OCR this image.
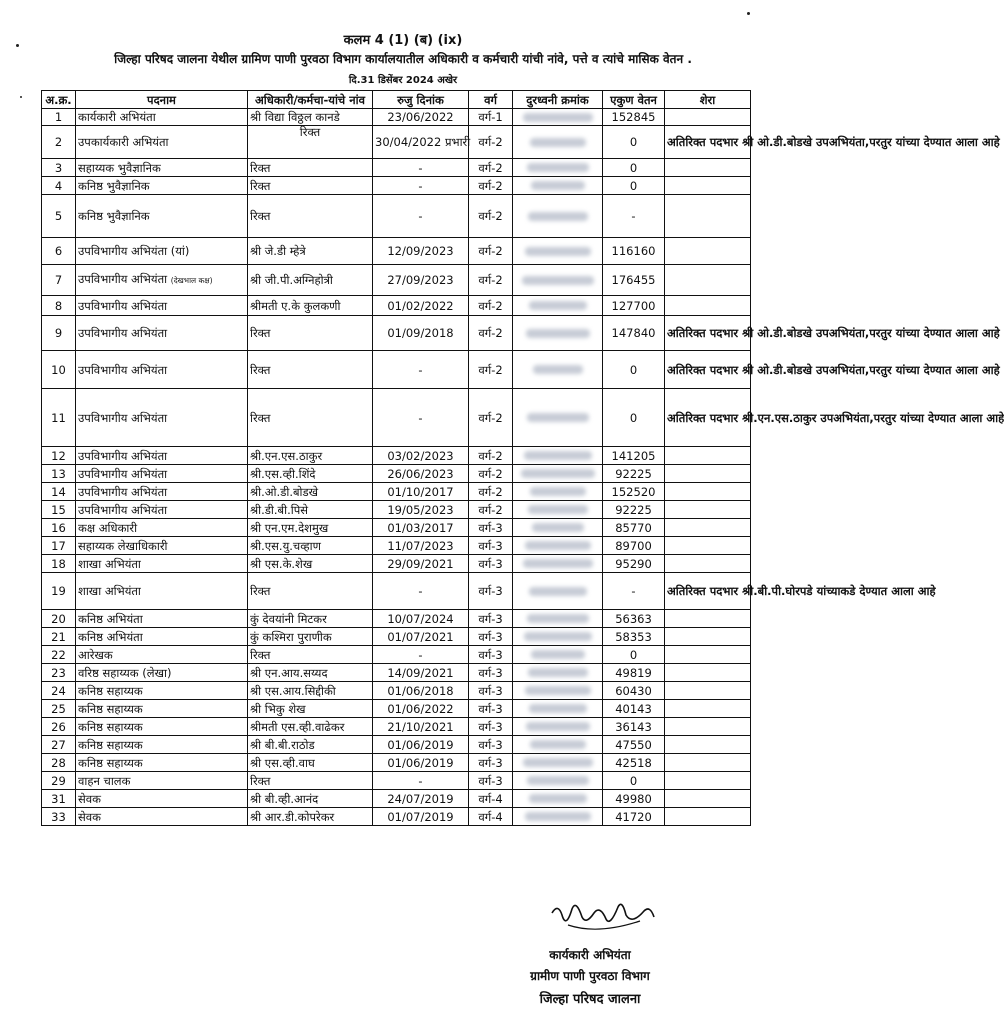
कलम 4 (1) (ब) (ix)
जिल्हा परिषद जालना येथील ग्रामिण पाणी पुरवठा विभाग कार्यालयातील अधिकारी व कर्मचारी यांची नांवे, पत्ते व त्यांचे मासिक वेतन .
दि.31 डिसेंबर 2024 अखेर
अ.क्र.	पदनाम	अधिकारी/कर्मचा-यांचे नांव	रुजु दिनांक	वर्ग	दुरध्वनी क्रमांक	एकुण वेतन	शेरा
1	कार्यकारी अभियंता	श्री विद्या विठ्ठल कानडे	23/06/2022	वर्ग-1		152845	
2	उपकार्यकारी अभियंता	रिक्त	30/04/2022 प्रभारी	वर्ग-2		0	अतिरिक्त पदभार श्री ओ.डी.बोडखे उपअभियंता,परतुर यांच्या देण्यात आला आहे
3	सहाय्यक भुवैज्ञानिक	रिक्त	-	वर्ग-2		0	
4	कनिष्ठ भुवैज्ञानिक	रिक्त	-	वर्ग-2		0	
5	कनिष्ठ भुवैज्ञानिक	रिक्त	-	वर्ग-2		-	
6	उपविभागीय अभियंता (यां)	श्री जे.डी म्हेत्रे	12/09/2023	वर्ग-2		116160	
7	उपविभागीय अभियंता (देखभाल कक्ष)	श्री जी.पी.अग्निहोत्री	27/09/2023	वर्ग-2		176455	
8	उपविभागीय अभियंता	श्रीमती ए.के कुलकणी	01/02/2022	वर्ग-2		127700	
9	उपविभागीय अभियंता	रिक्त	01/09/2018	वर्ग-2		147840	अतिरिक्त पदभार श्री ओ.डी.बोडखे उपअभियंता,परतुर यांच्या देण्यात आला आहे
10	उपविभागीय अभियंता	रिक्त	-	वर्ग-2		0	अतिरिक्त पदभार श्री ओ.डी.बोडखे उपअभियंता,परतुर यांच्या देण्यात आला आहे
11	उपविभागीय अभियंता	रिक्त	-	वर्ग-2		0	अतिरिक्त पदभार श्री.एन.एस.ठाकुर उपअभियंता,परतुर यांच्या देण्यात आला आहे
12	उपविभागीय अभियंता	श्री.एन.एस.ठाकुर	03/02/2023	वर्ग-2		141205	
13	उपविभागीय अभियंता	श्री.एस.व्ही.शिंदे	26/06/2023	वर्ग-2		92225	
14	उपविभागीय अभियंता	श्री.ओ.डी.बोडखे	01/10/2017	वर्ग-2		152520	
15	उपविभागीय अभियंता	श्री.डी.बी.पिसे	19/05/2023	वर्ग-2		92225	
16	कक्ष अधिकारी	श्री एन.एम.देशमुख	01/03/2017	वर्ग-3		85770	
17	सहाय्यक लेखाधिकारी	श्री.एस.यु.चव्हाण	11/07/2023	वर्ग-3		89700	
18	शाखा अभियंता	श्री एस.के.शेख	29/09/2021	वर्ग-3		95290	
19	शाखा अभियंता	रिक्त	-	वर्ग-3		-	अतिरिक्त पदभार श्री.बी.पी.घोरपडे यांच्याकडे देण्यात आला आहे
20	कनिष्ठ अभियंता	कुं देवयांनी मिटकर	10/07/2024	वर्ग-3		56363	
21	कनिष्ठ अभियंता	कुं कश्मिरा पुराणीक	01/07/2021	वर्ग-3		58353	
22	आरेखक	रिक्त	-	वर्ग-3		0	
23	वरिष्ठ सहाय्यक (लेखा)	श्री एन.आय.सय्यद	14/09/2021	वर्ग-3		49819	
24	कनिष्ठ सहाय्यक	श्री एस.आय.सिद्दीकी	01/06/2018	वर्ग-3		60430	
25	कनिष्ठ सहाय्यक	श्री भिकु शेख	01/06/2022	वर्ग-3		40143	
26	कनिष्ठ सहाय्यक	श्रीमती एस.व्ही.वाढेकर	21/10/2021	वर्ग-3		36143	
27	कनिष्ठ सहाय्यक	श्री बी.बी.राठोड	01/06/2019	वर्ग-3		47550	
28	कनिष्ठ सहाय्यक	श्री एस.व्ही.वाघ	01/06/2019	वर्ग-3		42518	
29	वाहन चालक	रिक्त	-	वर्ग-3		0	
31	सेवक	श्री बी.व्ही.आनंद	24/07/2019	वर्ग-4		49980	
33	सेवक	श्री आर.डी.कोपरेकर	01/07/2019	वर्ग-4		41720	
कार्यकारी अभियंता
ग्रामीण पाणी पुरवठा विभाग
जिल्हा परिषद जालना
